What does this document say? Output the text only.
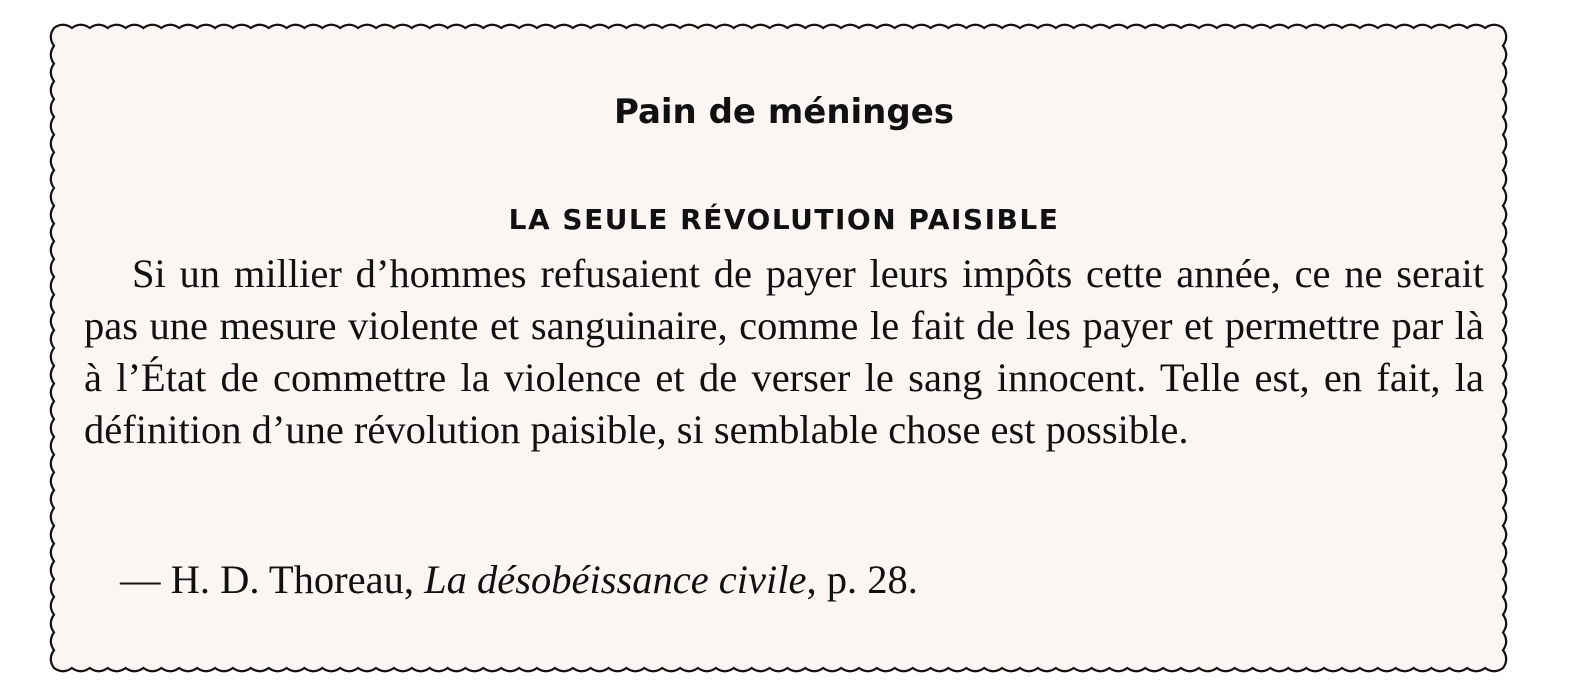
Pain de méninges
LA SEULE RÉVOLUTION PAISIBLE

Si un millier d’hommes refusaient de payer leurs impôts cette année, ce ne serait pas une mesure violente et sanguinaire, comme le fait de les payer et permettre par là à l’État de commettre la violence et de verser le sang innocent. Telle est, en fait, la définition d’une révolution paisible, si semblable chose est possible.

— H. D. Thoreau, La désobéissance civile, p. 28.
